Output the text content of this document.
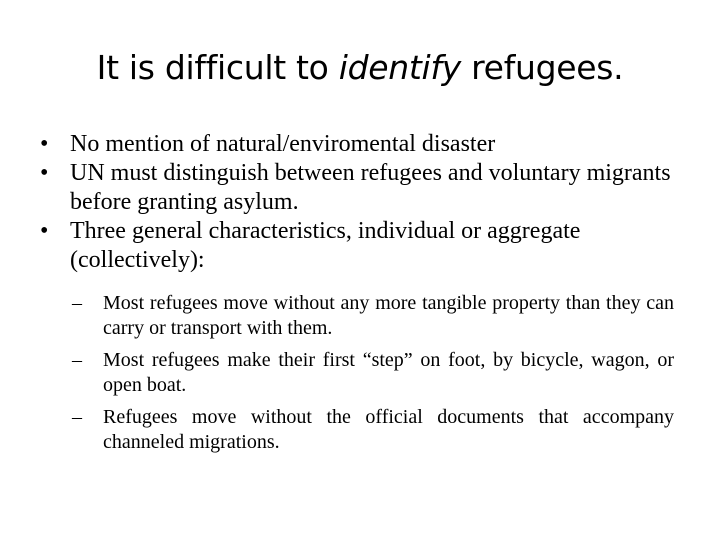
It is difficult to identify refugees.
• No mention of natural/enviromental disaster
• UN must distinguish between refugees and voluntary migrants before granting asylum.
• Three general characteristics, individual or aggregate (collectively):
–	Most refugees move without any more tangible property than they can carry or transport with them.
–	Most refugees make their first “step” on foot, by bicycle, wagon, or open boat.
–	Refugees move without the official documents that accompany channeled migrations.
